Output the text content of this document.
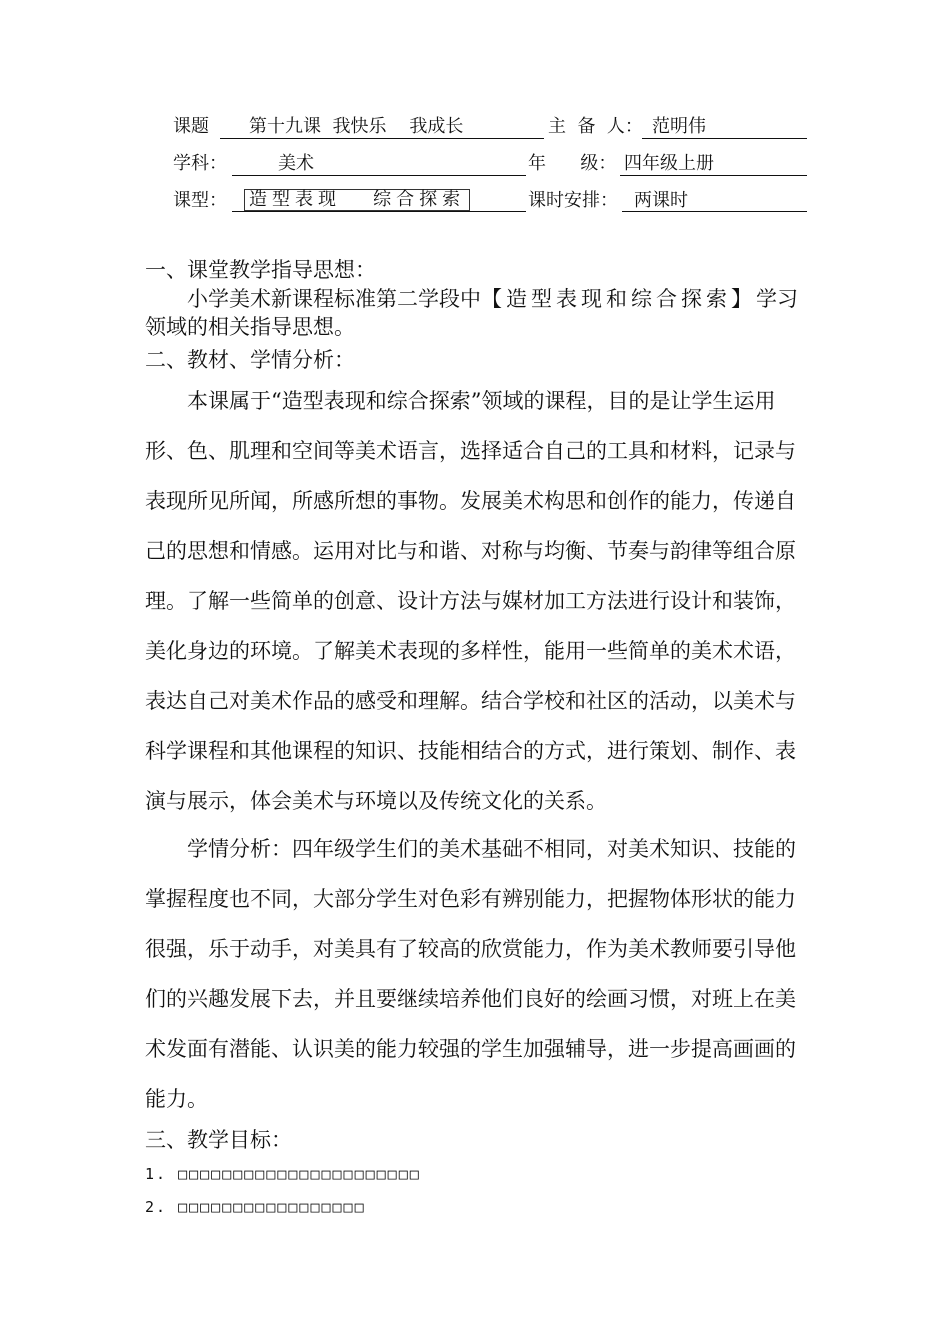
课题 第十九课  我快乐    我成长	主  备  人： 范明伟
学科：	美术	年      级： 四年级上册
课型： 造型表现   综合探索	课时安排： 两课时
一、课堂教学指导思想：
小学美术新课程标准第二学段中【造型表现和综合探索】学习领域的相关指导思想。
二、教材、学情分析：
本课属于“造型表现和综合探索”领域的课程，目的是让学生运用形、色、肌理和空间等美术语言，选择适合自己的工具和材料，记录与表现所见所闻，所感所想的事物。发展美术构思和创作的能力，传递自己的思想和情感。运用对比与和谐、对称与均衡、节奏与韵律等组合原理。了解一些简单的创意、设计方法与媒材加工方法进行设计和装饰，美化身边的环境。了解美术表现的多样性，能用一些简单的美术术语，表达自己对美术作品的感受和理解。结合学校和社区的活动，以美术与科学课程和其他课程的知识、技能相结合的方式，进行策划、制作、表演与展示，体会美术与环境以及传统文化的关系。
学情分析：四年级学生们的美术基础不相同，对美术知识、技能的掌握程度也不同，大部分学生对色彩有辨别能力，把握物体形状的能力很强，乐于动手，对美具有了较高的欣赏能力，作为美术教师要引导他们的兴趣发展下去，并且要继续培养他们良好的绘画习惯，对班上在美术发面有潜能、认识美的能力较强的学生加强辅导，进一步提高画画的能力。
三、教学目标：
1. □□□□□□□□□□□□□□□□□□□□□□
2. □□□□□□□□□□□□□□□□□
